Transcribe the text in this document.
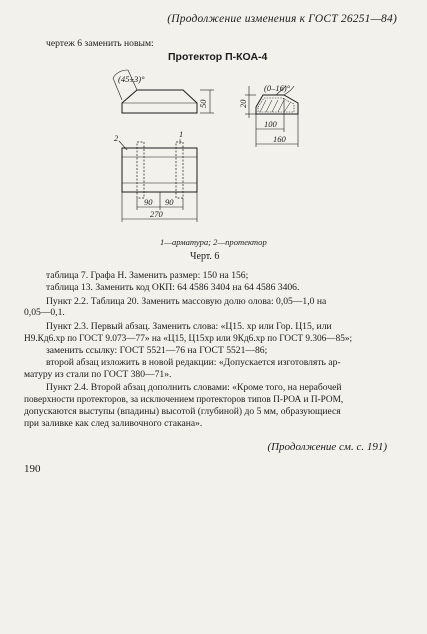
(Продолжение изменения к ГОСТ 26251—84)
чертеж 6 заменить новым:
Протектор П-КОА-4
(45±3)°
50
2	1
90 90
270
(0–16)°
20
100
160
1—арматура; 2—протектор
Черт. 6
таблица 7. Графа Н. Заменить размер: 150 на 156;
таблица 13. Заменить код ОКП: 64 4586 3404 на 64 4586 3406.
Пункт 2.2. Таблица 20. Заменить массовую долю олова: 0,05—1,0 на
0,05—0,1.
Пункт 2.3. Первый абзац. Заменить слова: «Ц15. хр или Гор. Ц15, или
Н9.Кд6.хр по ГОСТ 9.073—77» на «Ц15, Ц15хр или 9Кд6.хр по ГОСТ 9.306—85»;
заменить ссылку: ГОСТ 5521—76 на ГОСТ 5521—86;
второй абзац изложить в новой редакции: «Допускается изготовлять ар-
матуру из стали по ГОСТ 380—71».
Пункт 2.4. Второй абзац дополнить словами: «Кроме того, на нерабочей
поверхности протекторов, за исключением протекторов типов П-РОА и П-РОМ,
допускаются выступы (впадины) высотой (глубиной) до 5 мм, образующиеся
при заливке как след заливочного стакана».
(Продолжение см. с. 191)
190
